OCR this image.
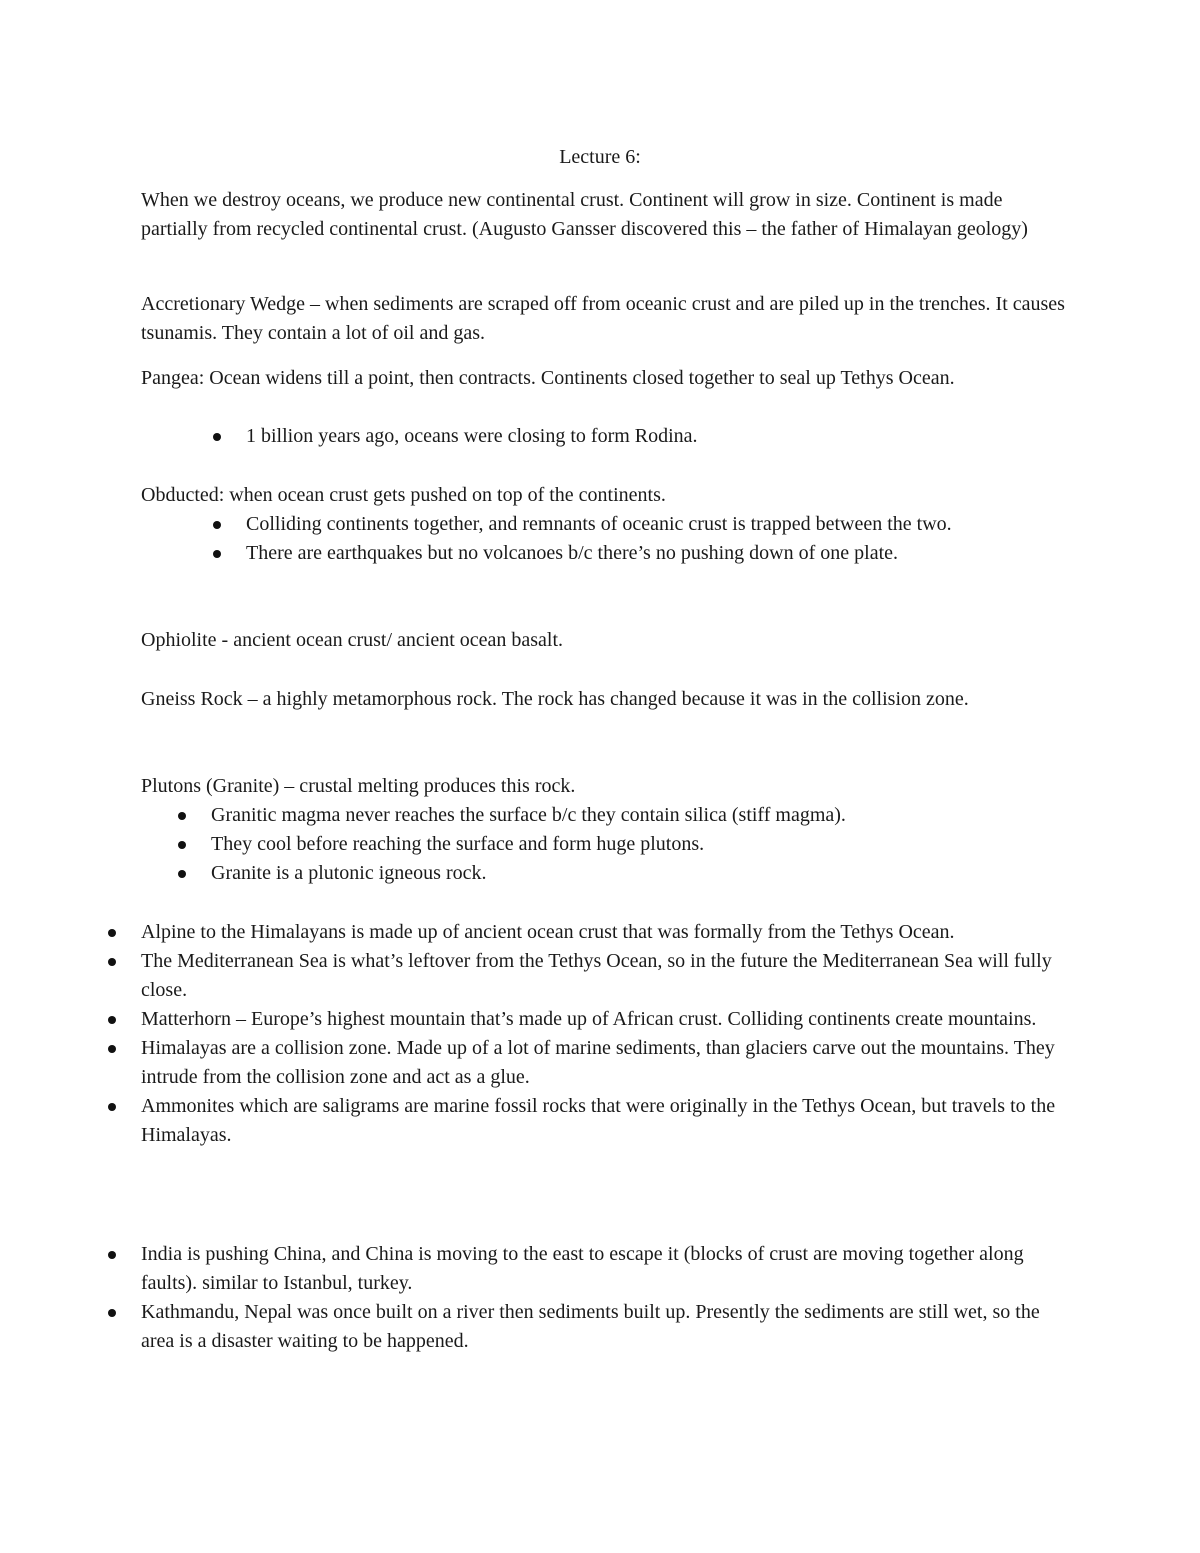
Lecture 6:

When we destroy oceans, we produce new continental crust. Continent will grow in size. Continent is made partially from recycled continental crust. (Augusto Gansser discovered this – the father of Himalayan geology)

Accretionary Wedge – when sediments are scraped off from oceanic crust and are piled up in the trenches. It causes tsunamis. They contain a lot of oil and gas.

Pangea: Ocean widens till a point, then contracts. Continents closed together to seal up Tethys Ocean.

1 billion years ago, oceans were closing to form Rodina.

Obducted: when ocean crust gets pushed on top of the continents.

Colliding continents together, and remnants of oceanic crust is trapped between the two.
There are earthquakes but no volcanoes b/c there’s no pushing down of one plate.

Ophiolite - ancient ocean crust/ ancient ocean basalt.

Gneiss Rock – a highly metamorphous rock. The rock has changed because it was in the collision zone.

Plutons (Granite) – crustal melting produces this rock.

Granitic magma never reaches the surface b/c they contain silica (stiff magma).
They cool before reaching the surface and form huge plutons.
Granite is a plutonic igneous rock.
Alpine to the Himalayans is made up of ancient ocean crust that was formally from the Tethys Ocean.
The Mediterranean Sea is what’s leftover from the Tethys Ocean, so in the future the Mediterranean Sea will fully close.
Matterhorn – Europe’s highest mountain that’s made up of African crust. Colliding continents create mountains.
Himalayas are a collision zone. Made up of a lot of marine sediments, than glaciers carve out the mountains. They intrude from the collision zone and act as a glue.
Ammonites which are saligrams are marine fossil rocks that were originally in the Tethys Ocean, but travels to the Himalayas.
India is pushing China, and China is moving to the east to escape it (blocks of crust are moving together along faults). similar to Istanbul, turkey.
Kathmandu, Nepal was once built on a river then sediments built up. Presently the sediments are still wet, so the area is a disaster waiting to be happened.
